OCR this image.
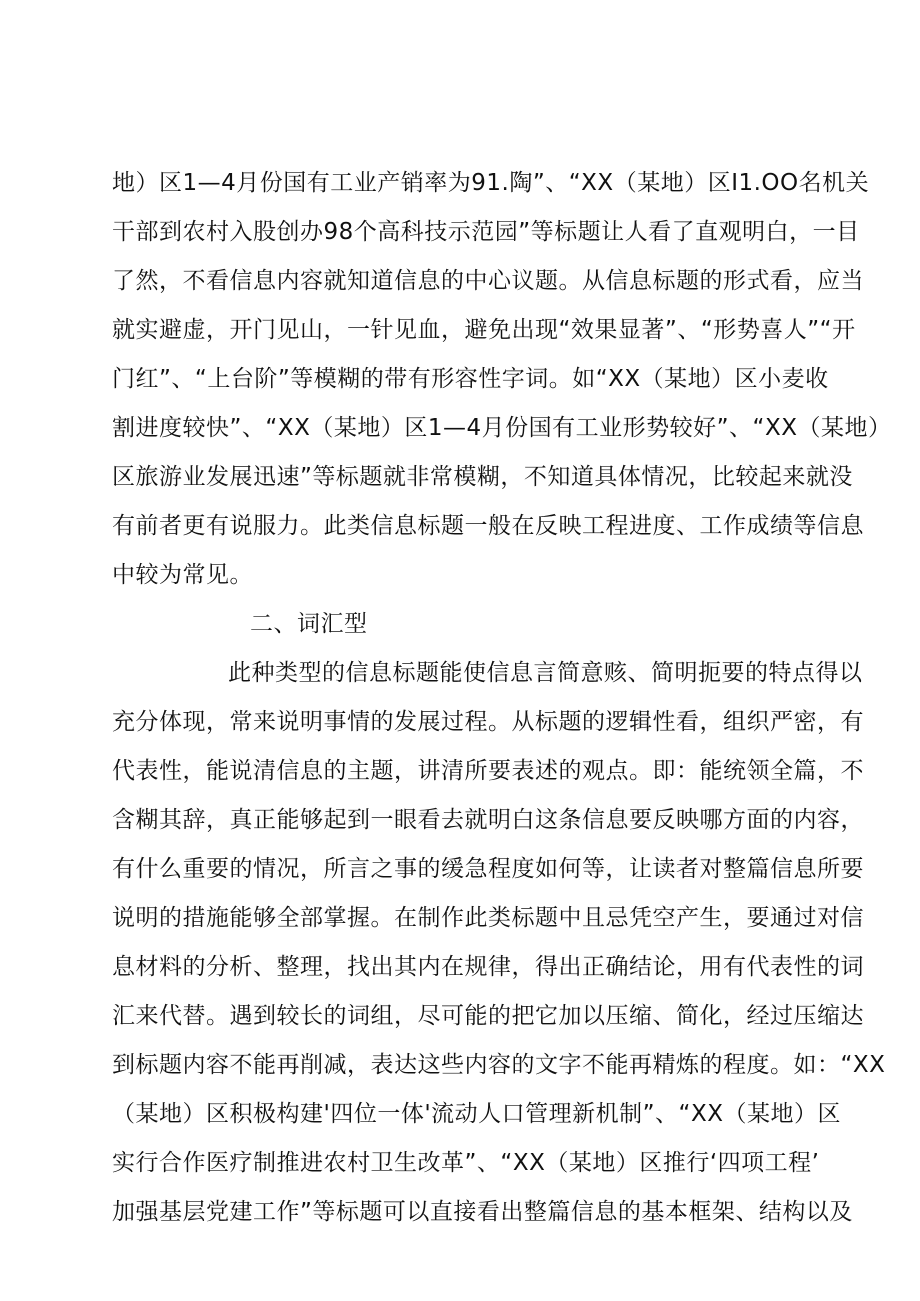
地）区1—4月份国有工业产销率为91.陶”、“XX（某地）区I1.OO名机关
干部到农村入股创办98个高科技示范园”等标题让人看了直观明白，一目
了然，不看信息内容就知道信息的中心议题。从信息标题的形式看，应当
就实避虚，开门见山，一针见血，避免出现“效果显著”、“形势喜人”“开
门红”、“上台阶”等模糊的带有形容性字词。如“XX（某地）区小麦收
割进度较快”、“XX（某地）区1—4月份国有工业形势较好”、“XX（某地）
区旅游业发展迅速”等标题就非常模糊，不知道具体情况，比较起来就没
有前者更有说服力。此类信息标题一般在反映工程进度、工作成绩等信息
中较为常见。
二、词汇型
此种类型的信息标题能使信息言简意赅、简明扼要的特点得以
充分体现，常来说明事情的发展过程。从标题的逻辑性看，组织严密，有
代表性，能说清信息的主题，讲清所要表述的观点。即：能统领全篇，不
含糊其辞，真正能够起到一眼看去就明白这条信息要反映哪方面的内容，
有什么重要的情况，所言之事的缓急程度如何等，让读者对整篇信息所要
说明的措施能够全部掌握。在制作此类标题中且忌凭空产生，要通过对信
息材料的分析、整理，找出其内在规律，得出正确结论，用有代表性的词
汇来代替。遇到较长的词组，尽可能的把它加以压缩、简化，经过压缩达
到标题内容不能再削减，表达这些内容的文字不能再精炼的程度。如：“XX
（某地）区积极构建'四位一体'流动人口管理新机制”、“XX（某地）区
实行合作医疗制推进农村卫生改革”、“XX（某地）区推行‘四项工程’
加强基层党建工作”等标题可以直接看出整篇信息的基本框架、结构以及
